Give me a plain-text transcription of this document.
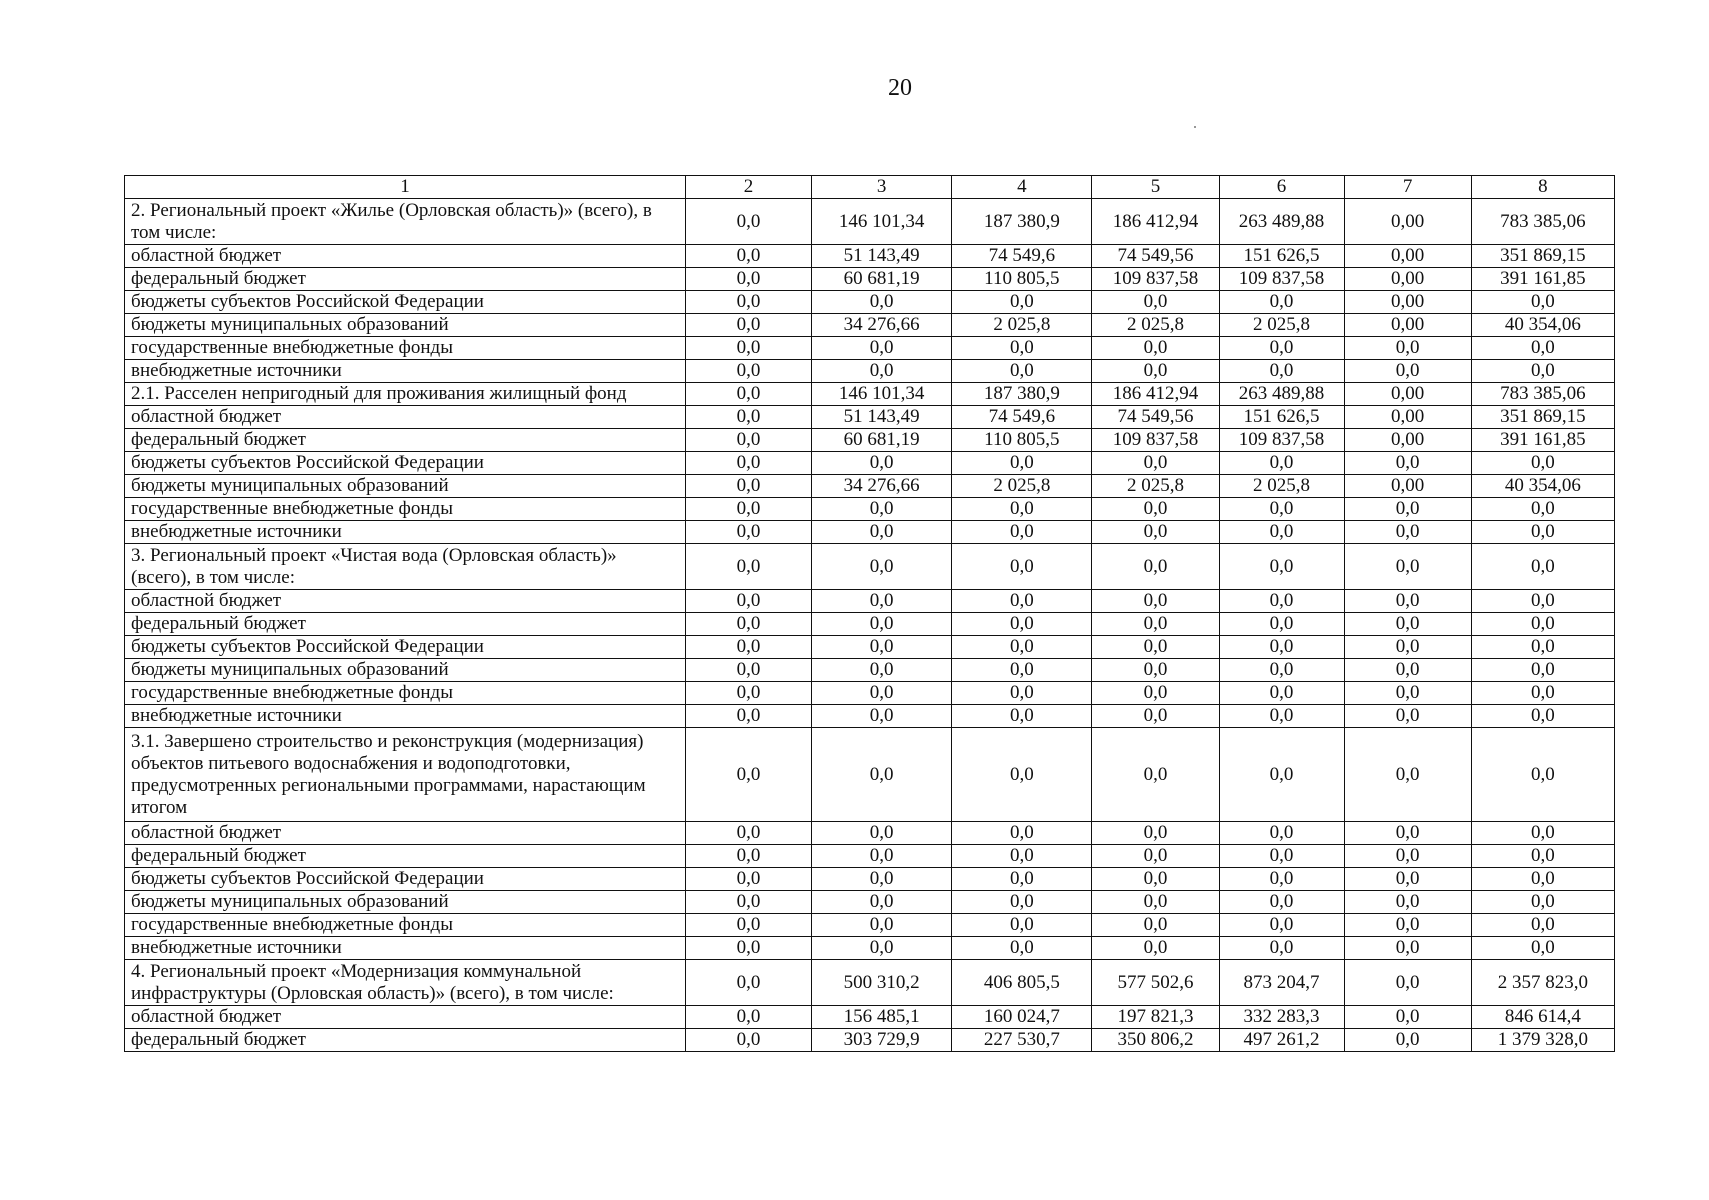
20
1	2	3	4	5	6	7	8
2. Региональный проект «Жилье (Орловская область)» (всего), в том числе:	0,0	146 101,34	187 380,9	186 412,94	263 489,88	0,00	783 385,06
областной бюджет	0,0	51 143,49	74 549,6	74 549,56	151 626,5	0,00	351 869,15
федеральный бюджет	0,0	60 681,19	110 805,5	109 837,58	109 837,58	0,00	391 161,85
бюджеты субъектов Российской Федерации	0,0	0,0	0,0	0,0	0,0	0,00	0,0
бюджеты муниципальных образований	0,0	34 276,66	2 025,8	2 025,8	2 025,8	0,00	40 354,06
государственные внебюджетные фонды	0,0	0,0	0,0	0,0	0,0	0,0	0,0
внебюджетные источники	0,0	0,0	0,0	0,0	0,0	0,0	0,0
2.1. Расселен непригодный для проживания жилищный фонд	0,0	146 101,34	187 380,9	186 412,94	263 489,88	0,00	783 385,06
областной бюджет	0,0	51 143,49	74 549,6	74 549,56	151 626,5	0,00	351 869,15
федеральный бюджет	0,0	60 681,19	110 805,5	109 837,58	109 837,58	0,00	391 161,85
бюджеты субъектов Российской Федерации	0,0	0,0	0,0	0,0	0,0	0,0	0,0
бюджеты муниципальных образований	0,0	34 276,66	2 025,8	2 025,8	2 025,8	0,00	40 354,06
государственные внебюджетные фонды	0,0	0,0	0,0	0,0	0,0	0,0	0,0
внебюджетные источники	0,0	0,0	0,0	0,0	0,0	0,0	0,0
3. Региональный проект «Чистая вода (Орловская область)» (всего), в том числе:	0,0	0,0	0,0	0,0	0,0	0,0	0,0
областной бюджет	0,0	0,0	0,0	0,0	0,0	0,0	0,0
федеральный бюджет	0,0	0,0	0,0	0,0	0,0	0,0	0,0
бюджеты субъектов Российской Федерации	0,0	0,0	0,0	0,0	0,0	0,0	0,0
бюджеты муниципальных образований	0,0	0,0	0,0	0,0	0,0	0,0	0,0
государственные внебюджетные фонды	0,0	0,0	0,0	0,0	0,0	0,0	0,0
внебюджетные источники	0,0	0,0	0,0	0,0	0,0	0,0	0,0
3.1. Завершено строительство и реконструкция (модернизация) объектов питьевого водоснабжения и водоподготовки, предусмотренных региональными программами, нарастающим итогом	0,0	0,0	0,0	0,0	0,0	0,0	0,0
областной бюджет	0,0	0,0	0,0	0,0	0,0	0,0	0,0
федеральный бюджет	0,0	0,0	0,0	0,0	0,0	0,0	0,0
бюджеты субъектов Российской Федерации	0,0	0,0	0,0	0,0	0,0	0,0	0,0
бюджеты муниципальных образований	0,0	0,0	0,0	0,0	0,0	0,0	0,0
государственные внебюджетные фонды	0,0	0,0	0,0	0,0	0,0	0,0	0,0
внебюджетные источники	0,0	0,0	0,0	0,0	0,0	0,0	0,0
4. Региональный проект «Модернизация коммунальной инфраструктуры (Орловская область)» (всего), в том числе:	0,0	500 310,2	406 805,5	577 502,6	873 204,7	0,0	2 357 823,0
областной бюджет	0,0	156 485,1	160 024,7	197 821,3	332 283,3	0,0	846 614,4
федеральный бюджет	0,0	303 729,9	227 530,7	350 806,2	497 261,2	0,0	1 379 328,0
